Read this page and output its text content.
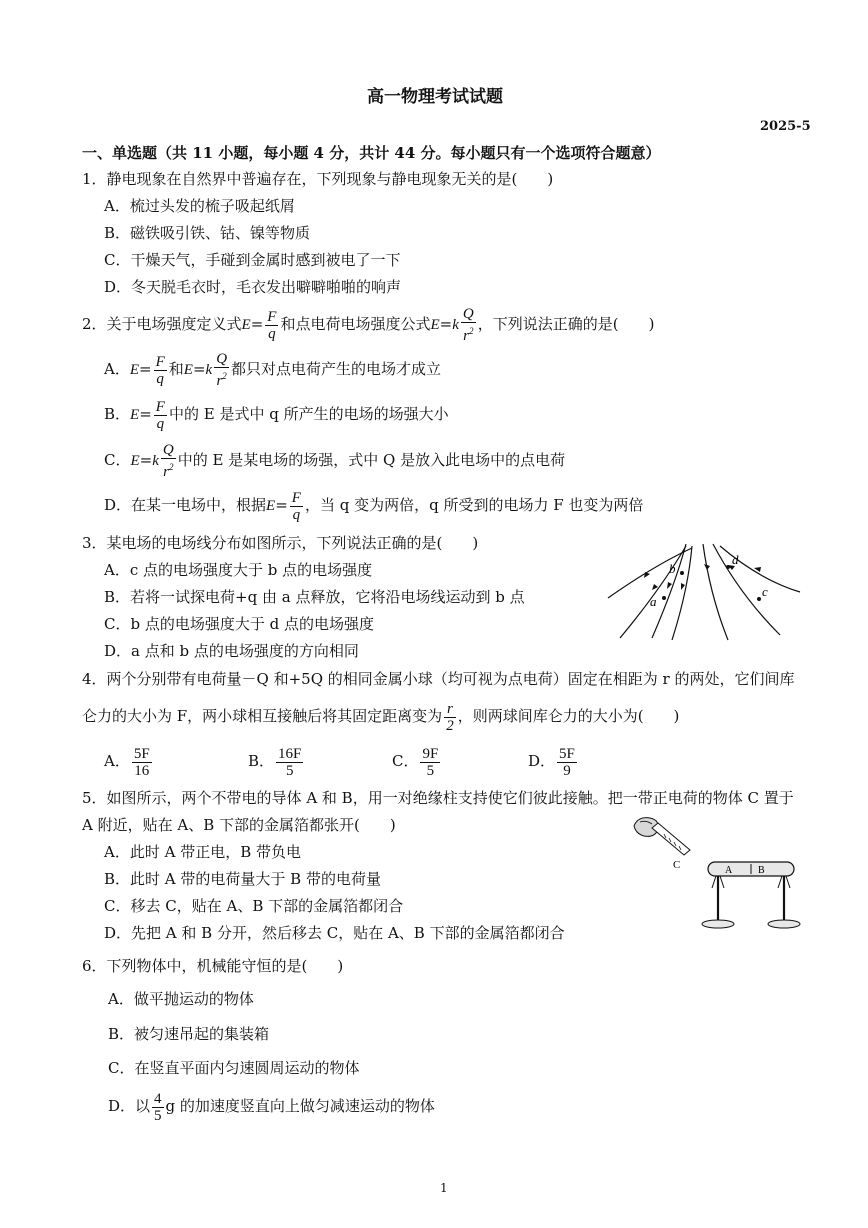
高一物理考试试题
2025-5
一、单选题（共 11 小题，每小题 4 分，共计 44 分。每小题只有一个选项符合题意）
1．静电现象在自然界中普遍存在，下列现象与静电现象无关的是(　　)
A．梳过头发的梳子吸起纸屑
B．磁铁吸引铁、钴、镍等物质
C．干燥天气，手碰到金属时感到被电了一下
D．冬天脱毛衣时，毛衣发出噼噼啪啪的响声
2．关于电场强度定义式$E= \frac{F}{q}$ 和点电荷电场强度公式$E=k \frac{Q}{r^2}$ ，下列说法正确的是(　　)
A．$E= \frac{F}{q}$ 和$E=k \frac{Q}{r^2}$ 都只对点电荷产生的电场才成立
B．$E= \frac{F}{q}$ 中的 E 是式中 q 所产生的电场的场强大小
C．$E=k \frac{Q}{r^2}$ 中的 E 是某电场的场强，式中 Q 是放入此电场中的点电荷
D．在某一电场中，根据$E= \frac{F}{q}$ ，当 q 变为两倍，q 所受到的电场力 F 也变为两倍
3．某电场的电场线分布如图所示，下列说法正确的是(　　)
A．c 点的电场强度大于 b 点的电场强度
B．若将一试探电荷+q 由 a 点释放，它将沿电场线运动到 b 点
C．b 点的电场强度大于 d 点的电场强度
D．a 点和 b 点的电场强度的方向相同
a
b
c
d
4．两个分别带有电荷量－Q 和+5Q 的相同金属小球（均可视为点电荷）固定在相距为 r 的两处，它们间库
仑力的大小为 F，两小球相互接触后将其固定距离变为 $\frac{r}{2}$ ，则两球间库仑力的大小为(　　)
A． $\frac{5F}{16}$	B． $\frac{16F}{5}$	C． $\frac{9F}{5}$	D． $\frac{5F}{9}$
5．如图所示，两个不带电的导体 A 和 B，用一对绝缘柱支持使它们彼此接触。把一带正电荷的物体 C 置于
A 附近，贴在 A、B 下部的金属箔都张开(　　)
A．此时 A 带正电，B 带负电
B．此时 A 带的电荷量大于 B 带的电荷量
C．移去 C，贴在 A、B 下部的金属箔都闭合
D．先把 A 和 B 分开，然后移去 C，贴在 A、B 下部的金属箔都闭合
C	A	B
6．下列物体中，机械能守恒的是(　　)
A．做平抛运动的物体
B．被匀速吊起的集装箱
C．在竖直平面内匀速圆周运动的物体
D．以 $\frac{4}{5}$ g 的加速度竖直向上做匀减速运动的物体
1
